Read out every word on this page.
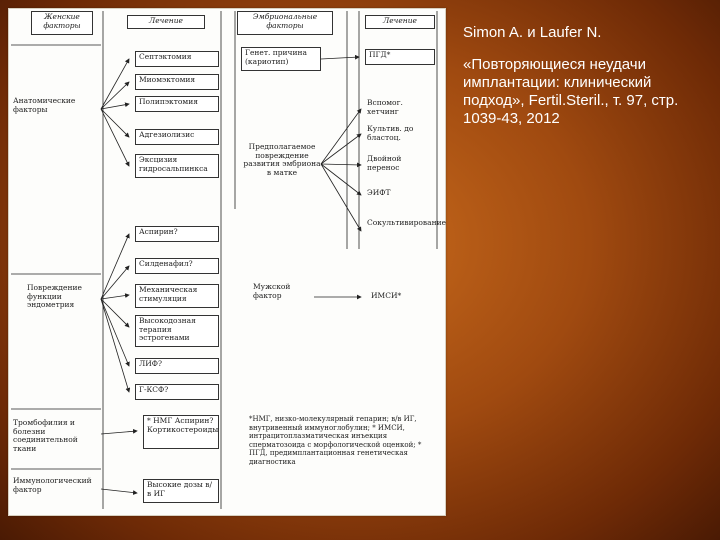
Женские факторы	Лечение	Эмбриональные факторы	Лечение
Анатомические факторы
Повреждение функции эндометрия
Тромбофилия и болезни соединительной ткани
Иммунологический фактор
Септэктомия
Миомэктомия
Полипэктомия
Адгезиолизис
Эксцизия гидросальпинкса
Аспирин?
Силденафил?
Механическая стимуляция
Высокодозная терапия эстрогенами
ЛИФ?
Г-КСФ?
* НМГ Аспирин? Кортикостероиды
Высокие дозы в/в ИГ
Генет. причина (кариотип)
Предполагаемое повреждение развития эмбриона в матке
Мужской фактор
ПГД*
Вспомог. хетчинг
Культив. до бластоц.
Двойной перенос
ЭИФТ
Сокультивирование
ИМСИ*
*НМГ, низко-молекулярный гепарин; в/в ИГ, внутривенный иммуноглобулин; * ИМСИ, интрацитоплазматическая инъекция сперматозоида с морфологической оценкой; * ПГД, предимплантационная генетическая диагностика

Simon A. и Laufer N.

«Повторяющиеся неудачи имплантации: клинический подход», Fertil.Steril., т. 97, стр. 1039-43, 2012
